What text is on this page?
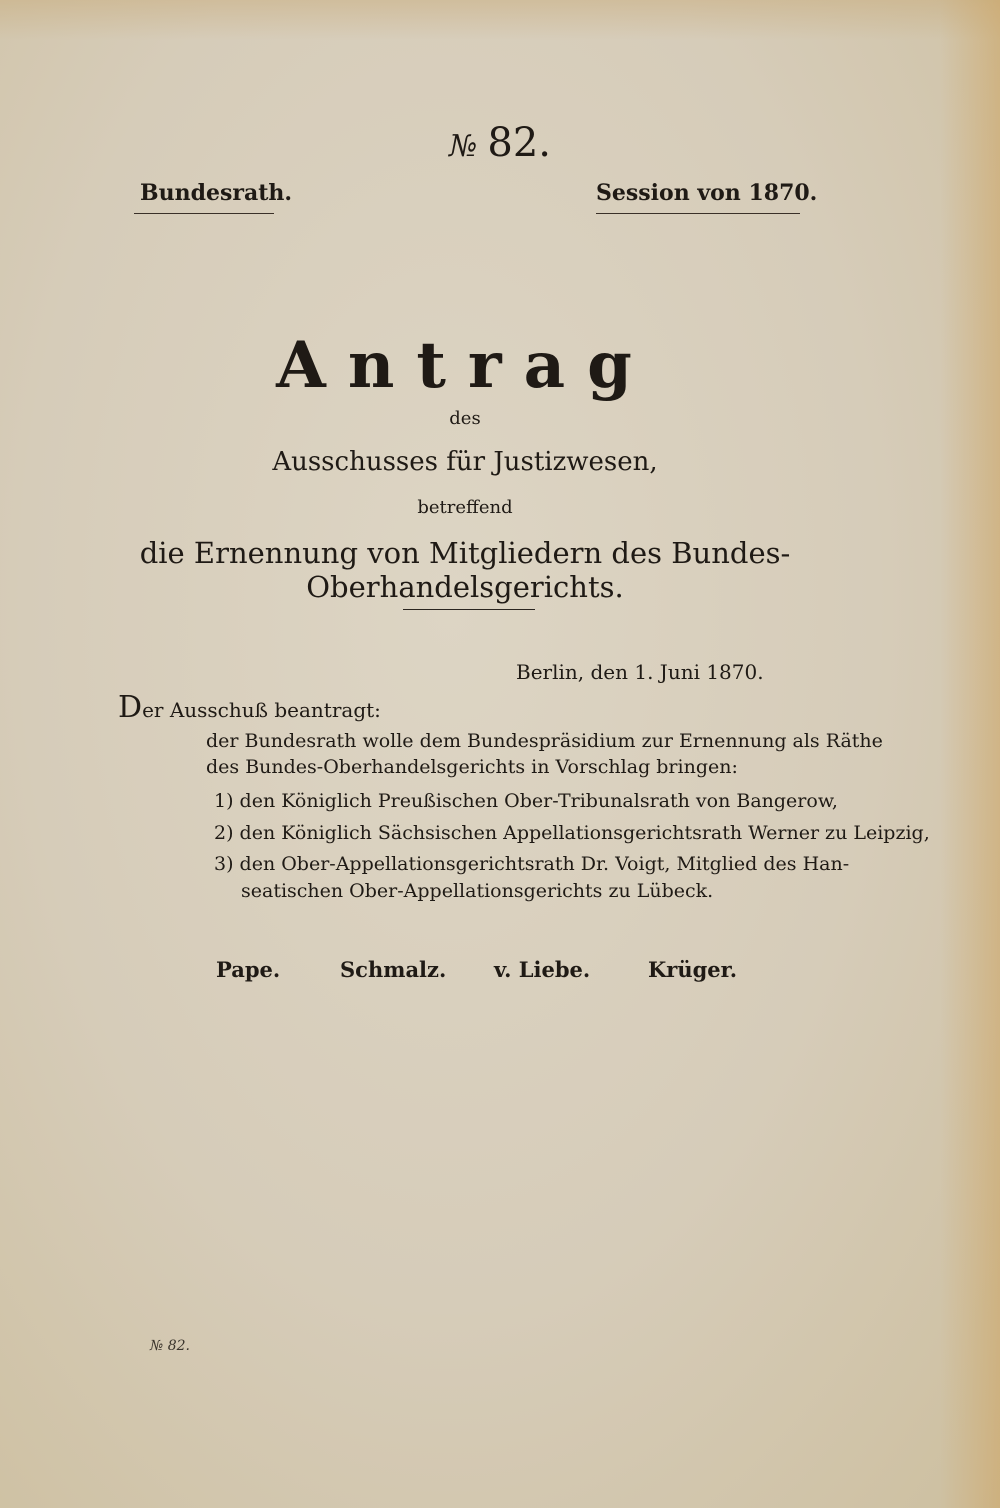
№ 82.
Bundesrath.	Session von 1870.
Antrag
des
Ausschusses für Justizwesen,
betreffend
die Ernennung von Mitgliedern des Bundes-Oberhandelsgerichts.
Berlin, den 1. Juni 1870.
Der Ausschuß beantragt:
der Bundesrath wolle dem Bundespräsidium zur Ernennung als Räthe
des Bundes-Oberhandelsgerichts in Vorschlag bringen:
1) den Königlich Preußischen Ober-Tribunalsrath von Bangerow,
2) den Königlich Sächsischen Appellationsgerichtsrath Werner zu Leipzig,
3) den Ober-Appellationsgerichtsrath Dr. Voigt, Mitglied des Han-
seatischen Ober-Appellationsgerichts zu Lübeck.
Pape.	Schmalz. v. Liebe.	Krüger.
№ 82.
